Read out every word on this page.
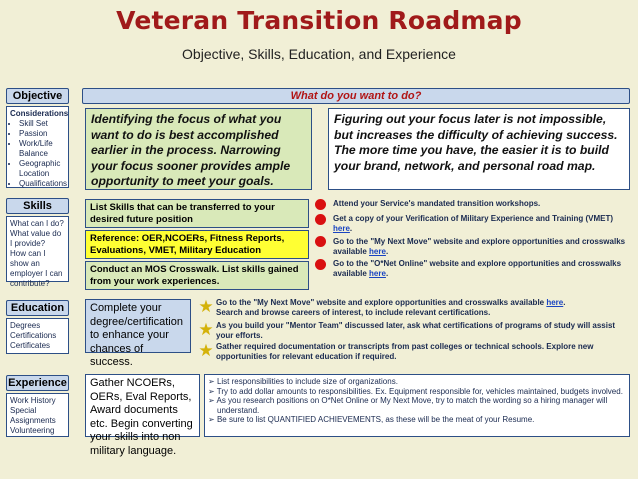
Veteran Transition Roadmap
Objective, Skills, Education, and Experience
Objective	What do you want to do?
Considerations
• Skill Set
• Passion
• Work/Life Balance
• Geographic Location
• Qualifications
Identifying the focus of what you want to do is best accomplished earlier in the process. Narrowing your focus sooner provides ample opportunity to meet your goals.
Figuring out your focus later is not impossible, but increases the difficulty of achieving success. The more time you have, the easier it is to build your brand, network, and personal road map.
Skills
What can I do?
What value do I provide?
How can I show an employer I can contribute?
List Skills that can be transferred to your desired future position
Reference: OER,NCOERs, Fitness Reports, Evaluations, VMET, Military Education
Conduct an MOS Crosswalk. List skills gained from your work experiences.
Attend your Service's mandated transition workshops.
Get a copy of your Verification of Military Experience and Training (VMET) here.
Go to the "My Next Move" website and explore opportunities and crosswalks available here.
Go to the "O*Net Online" website and explore opportunities and crosswalks available here.
Education
Degrees
Certifications
Certificates
Complete your degree/certification to enhance your chances of success.
★ Go to the "My Next Move" website and explore opportunities and crosswalks available here.
Search and browse careers of interest, to include relevant certifications.
★ As you build your "Mentor Team" discussed later, ask what certifications of programs of study will assist your efforts.
★ Gather required documentation or transcripts from past colleges or technical schools. Explore new opportunities for relevant education if required.
Experience
Work History
Special Assignments
Volunteering
Gather NCOERs, OERs, Eval Reports, Award documents etc. Begin converting your skills into non military language.
➢ List responsibilities to include size of organizations.
➢ Try to add dollar amounts to responsibilities. Ex. Equipment responsible for, vehicles maintained, budgets involved.
➢ As you research positions on O*Net Online or My Next Move, try to match the wording so a hiring manager will understand.
➢ Be sure to list QUANTIFIED ACHIEVEMENTS, as these will be the meat of your Resume.
